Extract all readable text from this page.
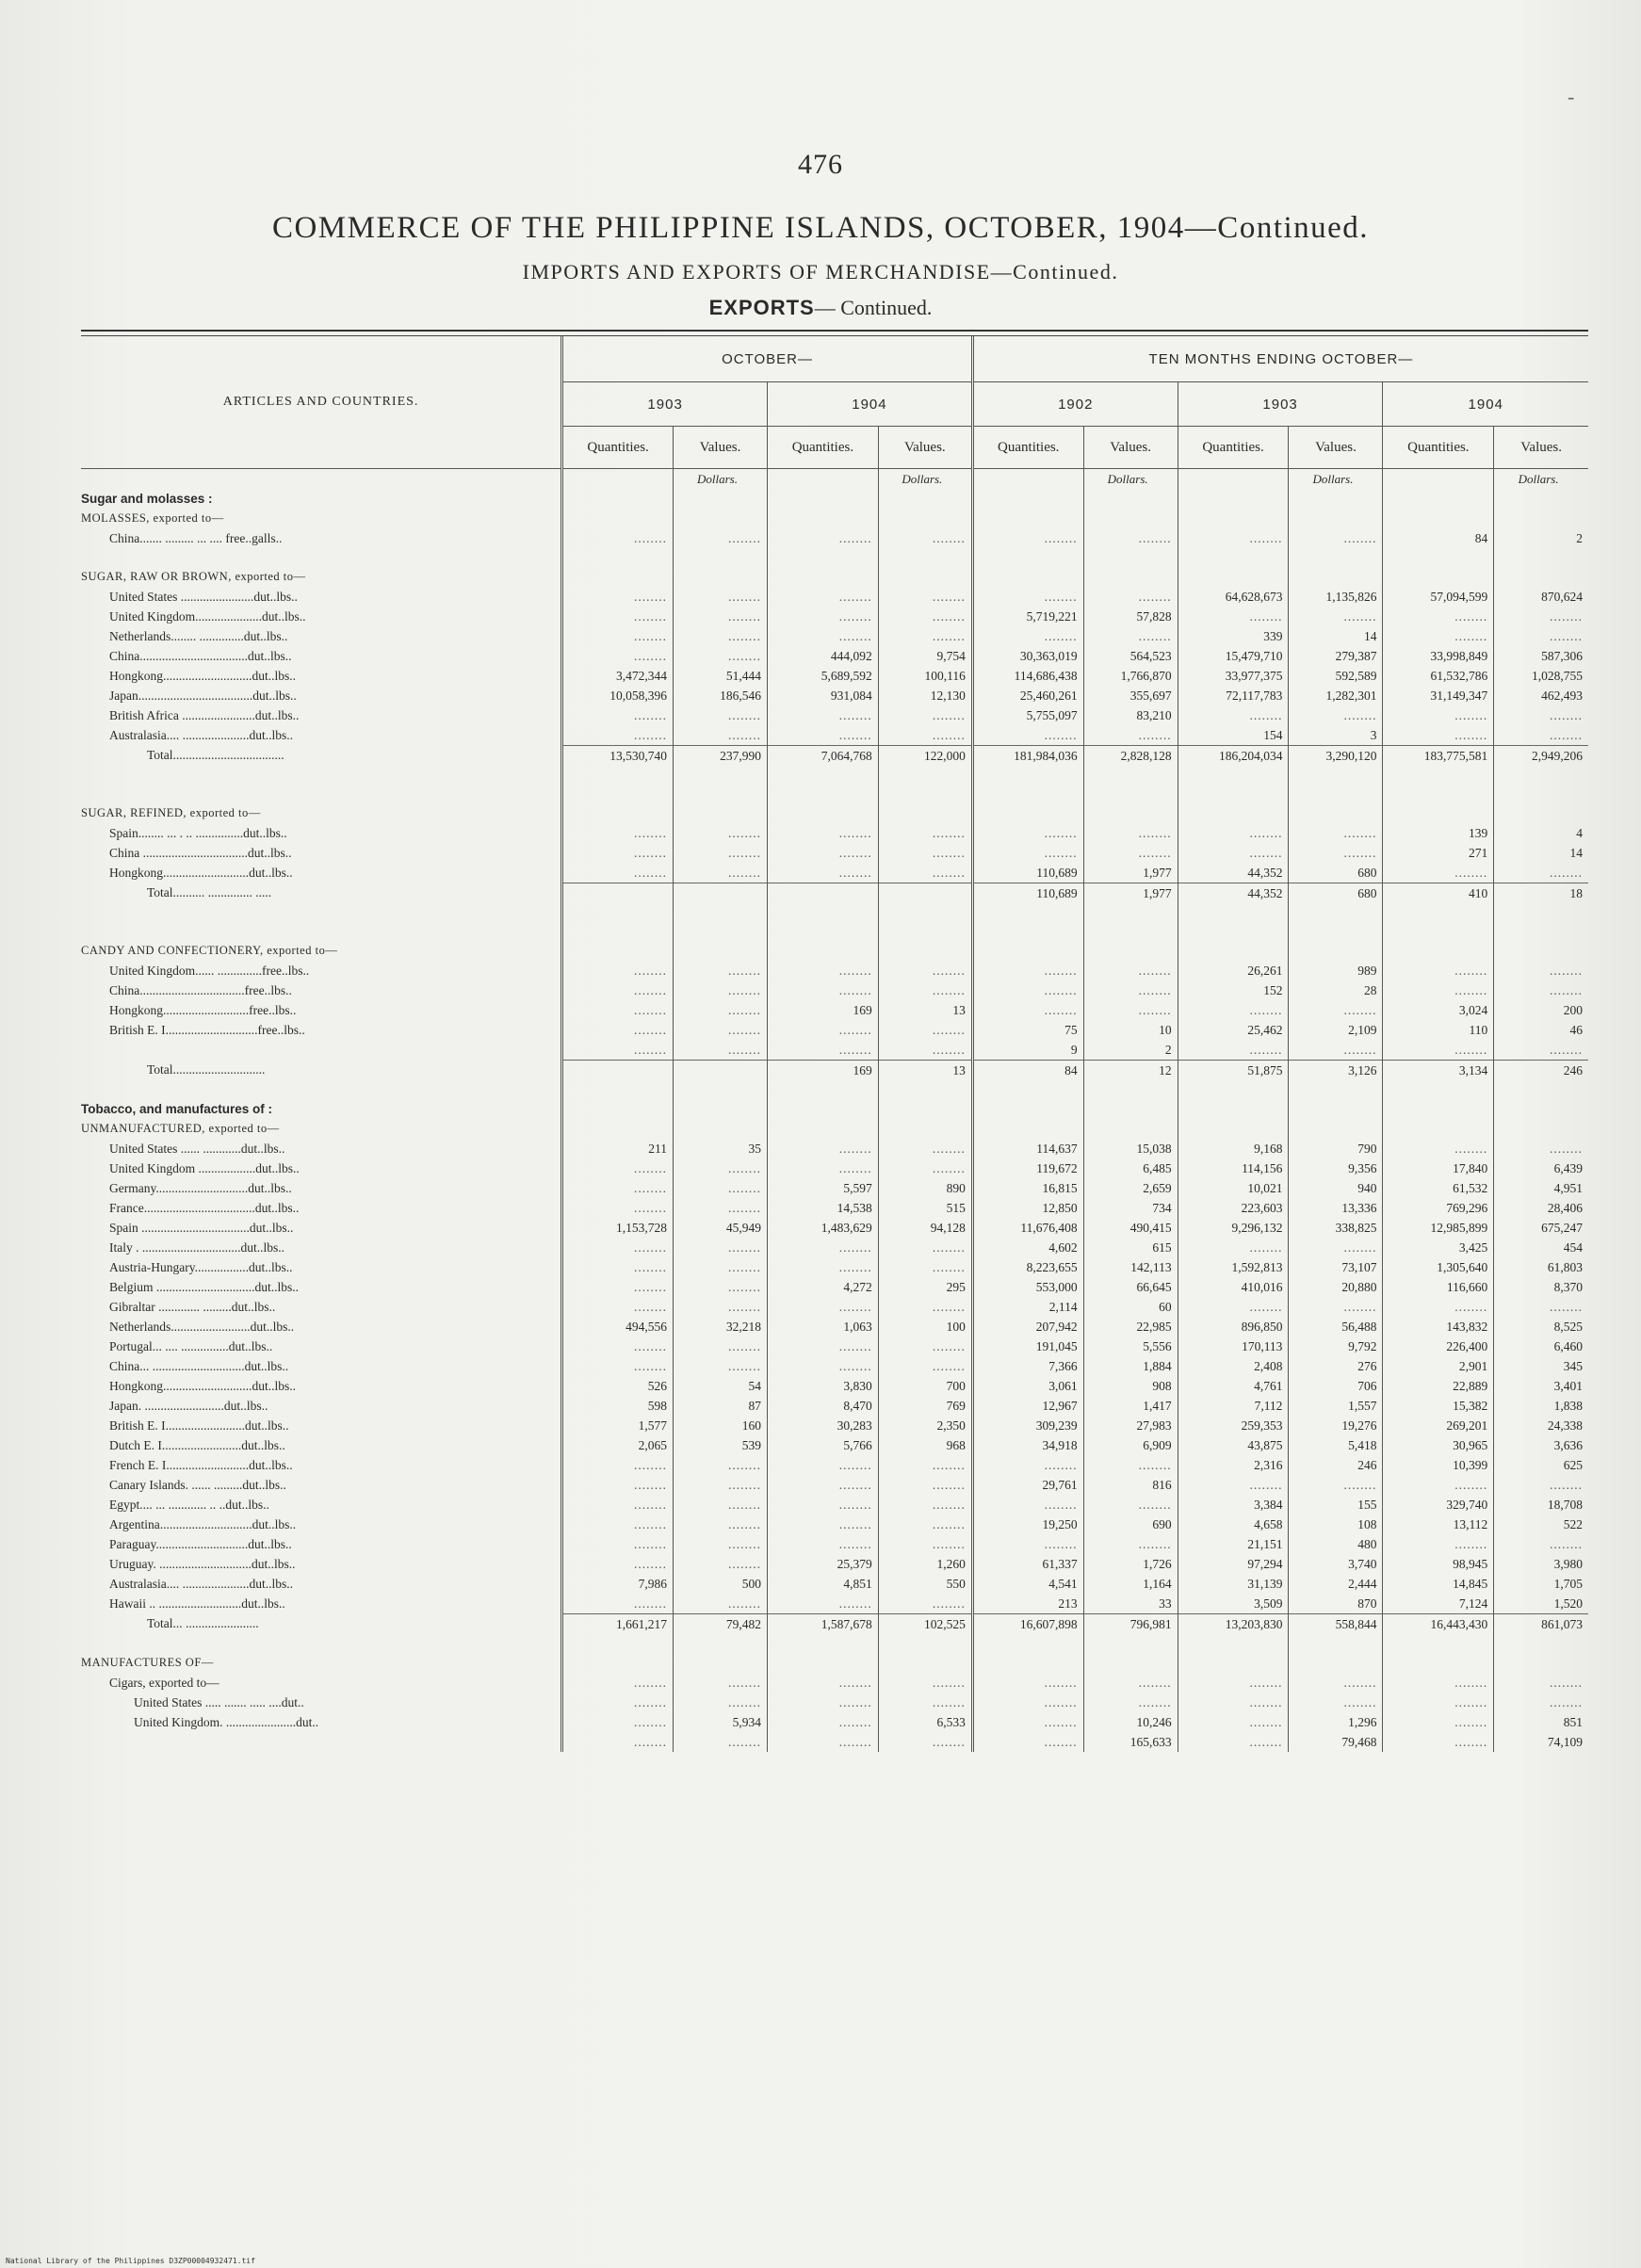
-
476
COMMERCE OF THE PHILIPPINE ISLANDS, OCTOBER, 1904—Continued.
IMPORTS AND EXPORTS OF MERCHANDISE—Continued.
EXPORTS— Continued.
ARTICLES AND COUNTRIES.	OCTOBER—				TEN MONTHS ENDING OCTOBER—					
	1903		1904		1902		1903		1904	
	Quantities.	Values.	Quantities.	Values.	Quantities.	Values.	Quantities.	Values.	Quantities.	Values.
		Dollars.		Dollars.		Dollars.		Dollars.		Dollars.
Sugar and molasses :										
MOLASSES, exported to—										
China....... ......... ... .... free..galls..	........	........	........	........	........	........	........	........	84	2

SUGAR, RAW OR BROWN, exported to—										
United States .......................dut..lbs..	........	........	........	........	........	........	64,628,673	1,135,826	57,094,599	870,624
United Kingdom.....................dut..lbs..	........	........	........	........	5,719,221	57,828	........	........	........	........
Netherlands........ ..............dut..lbs..	........	........	........	........	........	........	339	14	........	........
China..................................dut..lbs..	........	........	444,092	9,754	30,363,019	564,523	15,479,710	279,387	33,998,849	587,306
Hongkong............................dut..lbs..	3,472,344	51,444	5,689,592	100,116	114,686,438	1,766,870	33,977,375	592,589	61,532,786	1,028,755
Japan....................................dut..lbs..	10,058,396	186,546	931,084	12,130	25,460,261	355,697	72,117,783	1,282,301	31,149,347	462,493
British Africa .......................dut..lbs..	........	........	........	........	5,755,097	83,210	........	........	........	........
Australasia.... .....................dut..lbs..	........	........	........	........	........	........	154	3	........	........
Total...................................	13,530,740	237,990	7,064,768	122,000	181,984,036	2,828,128	186,204,034	3,290,120	183,775,581	2,949,206

SUGAR, REFINED, exported to—										
Spain........ ... . .. ...............dut..lbs..	........	........	........	........	........	........	........	........	139	4
China .................................dut..lbs..	........	........	........	........	........	........	........	........	271	14
Hongkong...........................dut..lbs..	........	........	........	........	110,689	1,977	44,352	680	........	........
Total.......... .............. .....					110,689	1,977	44,352	680	410	18

CANDY AND CONFECTIONERY, exported to—										
United Kingdom...... ..............free..lbs..	........	........	........	........	........	........	26,261	989	........	........
China.................................free..lbs..	........	........	........	........	........	........	152	28	........	........
Hongkong...........................free..lbs..	........	........	169	13	........	........	........	........	3,024	200
British E. I.............................free..lbs..	........	........	........	........	75	10	25,462	2,109	110	46
	........	........	........	........	9	2	........	........	........	........
Total.............................			169	13	84	12	51,875	3,126	3,134	246

Tobacco, and manufactures of :										
UNMANUFACTURED, exported to—										
United States ...... ............dut..lbs..	211	35	........	........	114,637	15,038	9,168	790	........	........
United Kingdom ..................dut..lbs..	........	........	........	........	119,672	6,485	114,156	9,356	17,840	6,439
Germany.............................dut..lbs..	........	........	5,597	890	16,815	2,659	10,021	940	61,532	4,951
France...................................dut..lbs..	........	........	14,538	515	12,850	734	223,603	13,336	769,296	28,406
Spain ..................................dut..lbs..	1,153,728	45,949	1,483,629	94,128	11,676,408	490,415	9,296,132	338,825	12,985,899	675,247
Italy . ...............................dut..lbs..	........	........	........	........	4,602	615	........	........	3,425	454
Austria-Hungary.................dut..lbs..	........	........	........	........	8,223,655	142,113	1,592,813	73,107	1,305,640	61,803
Belgium ...............................dut..lbs..	........	........	4,272	295	553,000	66,645	410,016	20,880	116,660	8,370
Gibraltar ............. .........dut..lbs..	........	........	........	........	2,114	60	........	........	........	........
Netherlands.........................dut..lbs..	494,556	32,218	1,063	100	207,942	22,985	896,850	56,488	143,832	8,525
Portugal... .... ...............dut..lbs..	........	........	........	........	191,045	5,556	170,113	9,792	226,400	6,460
China... .............................dut..lbs..	........	........	........	........	7,366	1,884	2,408	276	2,901	345
Hongkong............................dut..lbs..	526	54	3,830	700	3,061	908	4,761	706	22,889	3,401
Japan. .........................dut..lbs..	598	87	8,470	769	12,967	1,417	7,112	1,557	15,382	1,838
British E. I.........................dut..lbs..	1,577	160	30,283	2,350	309,239	27,983	259,353	19,276	269,201	24,338
Dutch E. I.........................dut..lbs..	2,065	539	5,766	968	34,918	6,909	43,875	5,418	30,965	3,636
French E. I..........................dut..lbs..	........	........	........	........	........	........	2,316	246	10,399	625
Canary Islands. ...... .........dut..lbs..	........	........	........	........	29,761	816	........	........	........	........
Egypt.... ... ............ .. ..dut..lbs..	........	........	........	........	........	........	3,384	155	329,740	18,708
Argentina.............................dut..lbs..	........	........	........	........	19,250	690	4,658	108	13,112	522
Paraguay.............................dut..lbs..	........	........	........	........	........	........	21,151	480	........	........
Uruguay. .............................dut..lbs..	........	........	25,379	1,260	61,337	1,726	97,294	3,740	98,945	3,980
Australasia.... .....................dut..lbs..	7,986	500	4,851	550	4,541	1,164	31,139	2,444	14,845	1,705
Hawaii .. ..........................dut..lbs..	........	........	........	........	213	33	3,509	870	7,124	1,520
Total... .......................	1,661,217	79,482	1,587,678	102,525	16,607,898	796,981	13,203,830	558,844	16,443,430	861,073

MANUFACTURES OF—										
Cigars, exported to—	........	........	........	........	........	........	........	........	........	........
United States ..... ....... ..... ....dut..	........	........	........	........	........	........	........	........	........	........
United Kingdom. ......................dut..	........	5,934	........	6,533	........	10,246	........	1,296	........	851
	........	........	........	........	........	165,633	........	79,468	........	74,109
National Library of the Philippines D3ZP00004932471.tif
